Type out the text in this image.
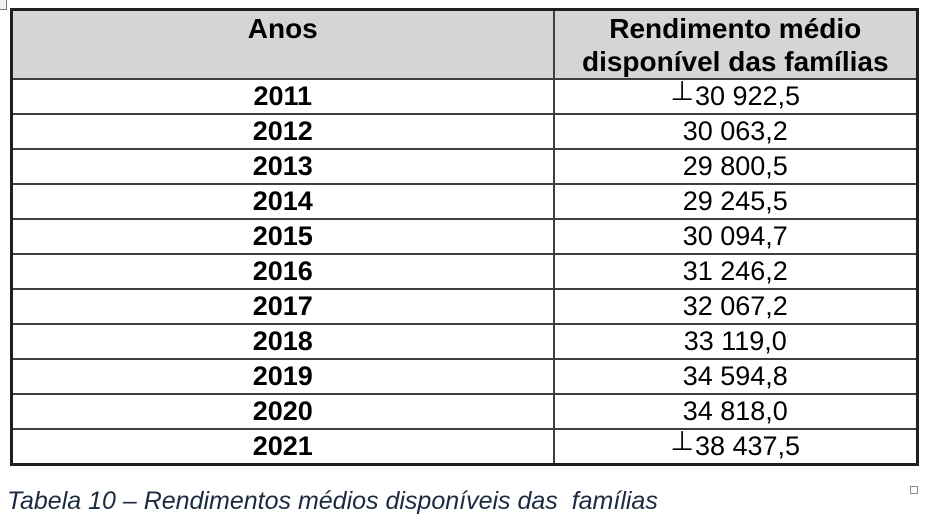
Anos	Rendimento médio
disponível das famílias

2011	⊥30 922,5
2012	30 063,2
2013	29 800,5
2014	29 245,5
2015	30 094,7
2016	31 246,2
2017	32 067,2
2018	33 119,0
2019	34 594,8
2020	34 818,0
2021	⊥38 437,5
Tabela 10 – Rendimentos médios disponíveis das  famílias
